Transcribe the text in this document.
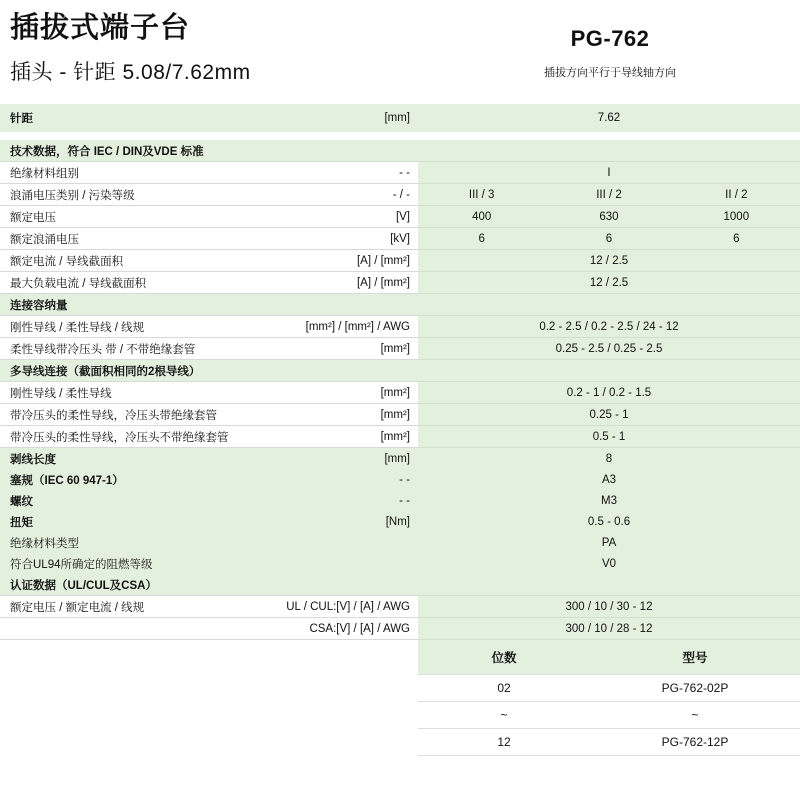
插拔式端子台
插头 - 针距 5.08/7.62mm
PG-762
插拔方向平行于导线轴方向
针距	[mm]	7.62

技术数据，符合 IEC / DIN及VDE 标准		

绝缘材料组别	- -	I

浪涌电压类别 / 污染等级	- / -	III / 3 III / 2 II / 2

额定电压	[V]	400 630 1000

额定浪涌电压	[kV]	6 6 6

额定电流 / 导线截面积	[A] / [mm²]	12 / 2.5

最大负载电流 / 导线截面积	[A] / [mm²]	12 / 2.5

连接容纳量		

刚性导线 / 柔性导线 / 线规	[mm²] / [mm²] / AWG	0.2 - 2.5 / 0.2 - 2.5 / 24 - 12

柔性导线带冷压头 带 / 不带绝缘套管	[mm²]	0.25 - 2.5 / 0.25 - 2.5

多导线连接（截面积相同的2根导线）		

刚性导线 / 柔性导线	[mm²]	0.2 - 1 / 0.2 - 1.5

带冷压头的柔性导线，冷压头带绝缘套管	[mm²]	0.25 - 1

带冷压头的柔性导线，冷压头不带绝缘套管	[mm²]	0.5 - 1

剥线长度	[mm]	8

塞规（IEC 60 947-1）	- -	A3

螺纹	- -	M3

扭矩	[Nm]	0.5 - 0.6

绝缘材料类型		PA

符合UL94所确定的阻燃等级		V0

认证数据（UL/CUL及CSA）		

额定电压 / 额定电流 / 线规	UL / CUL:[V] / [A] / AWG	300 / 10 / 30 - 12

	CSA:[V] / [A] / AWG	300 / 10 / 28 - 12

位数	型号
02	PG-762-02P
~	~
12	PG-762-12P
